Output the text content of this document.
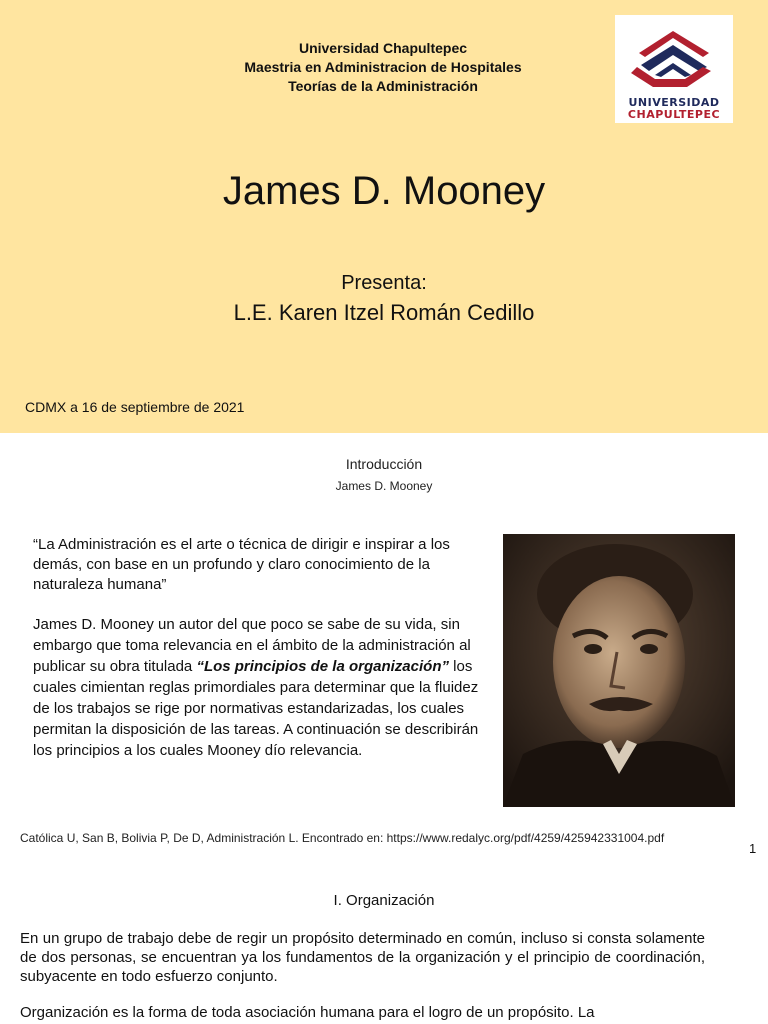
Universidad Chapultepec
Maestria en Administracion de Hospitales
Teorías de la Administración
UNIVERSIDAD
CHAPULTEPEC
James D. Mooney
Presenta:
L.E. Karen Itzel Román Cedillo
CDMX a 16 de septiembre de 2021
Introducción
James D. Mooney
“La Administración es el arte o técnica de dirigir e inspirar a los demás, con base en un profundo y claro conocimiento de la naturaleza humana”
James D. Mooney un autor del que poco se sabe de su vida, sin embargo que toma relevancia en el ámbito de la administración al publicar su obra titulada “Los principios de la organización” los cuales cimientan reglas primordiales para determinar que la fluidez de los trabajos se rige por normativas estandarizadas, los cuales permitan la disposición de las tareas. A continuación se describirán los principios a los cuales Mooney dío relevancia.
Católica U, San B, Bolivia P, De D, Administración L. Encontrado en: https://www.redalyc.org/pdf/4259/425942331004.pdf
1
I. Organización
En un grupo de trabajo debe de regir un propósito determinado en común, incluso si consta solamente de dos personas, se encuentran ya los fundamentos de la organización y el principio de coordinación, subyacente en todo esfuerzo conjunto.
Organización es la forma de toda asociación humana para el logro de un propósito. La
